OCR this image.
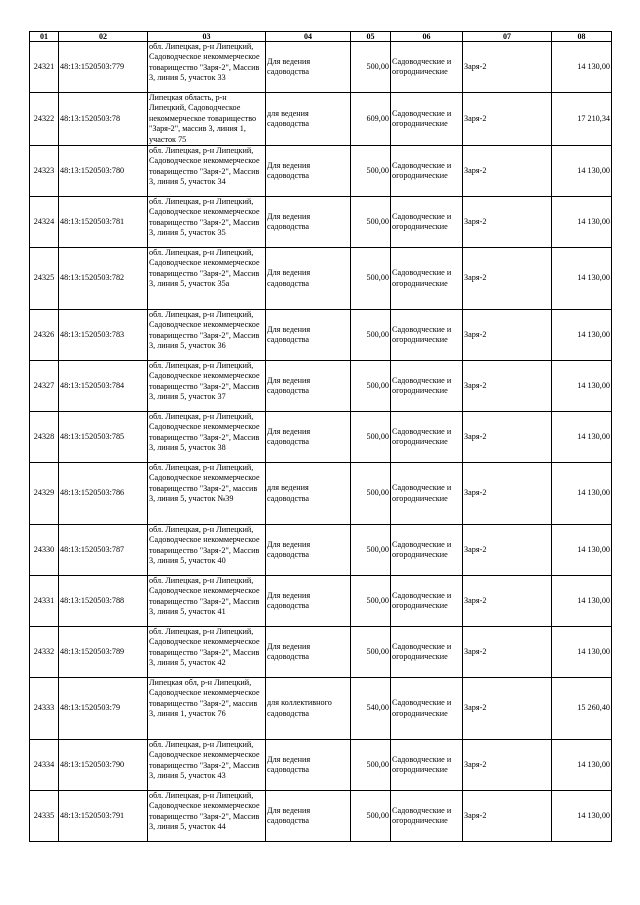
01	02	03	04	05	06	07	08
24321	48:13:1520503:779	обл. Липецкая, р-н Липецкий, Садоводческое некоммерческое товарищество "Заря-2", Массив 3, линия 5, участок 33	Для ведения садоводства	500,00	Садоводческие и огороднические	Заря-2	14 130,00
24322	48:13:1520503:78	Липецкая область, р-н Липецкий, Садоводческое некоммерческое товарищество "Заря-2", массив 3, линия 1, участок 75	для ведения садоводства	609,00	Садоводческие и огороднические	Заря-2	17 210,34
24323	48:13:1520503:780	обл. Липецкая, р-н Липецкий, Садоводческое некоммерческое товарищество "Заря-2", Массив 3, линия 5, участок 34	Для ведения садоводства	500,00	Садоводческие и огороднические	Заря-2	14 130,00
24324	48:13:1520503:781	обл. Липецкая, р-н Липецкий, Садоводческое некоммерческое товарищество "Заря-2", Массив 3, линия 5, участок 35	Для ведения садоводства	500,00	Садоводческие и огороднические	Заря-2	14 130,00
24325	48:13:1520503:782	обл. Липецкая, р-н Липецкий, Садоводческое некоммерческое товарищество "Заря-2", Массив 3, линия 5, участок 35а	Для ведения садоводства	500,00	Садоводческие и огороднические	Заря-2	14 130,00
24326	48:13:1520503:783	обл. Липецкая, р-н Липецкий, Садоводческое некоммерческое товарищество "Заря-2", Массив 3, линия 5, участок 36	Для ведения садоводства	500,00	Садоводческие и огороднические	Заря-2	14 130,00
24327	48:13:1520503:784	обл. Липецкая, р-н Липецкий, Садоводческое некоммерческое товарищество "Заря-2", Массив 3, линия 5, участок 37	Для ведения садоводства	500,00	Садоводческие и огороднические	Заря-2	14 130,00
24328	48:13:1520503:785	обл. Липецкая, р-н Липецкий, Садоводческое некоммерческое товарищество "Заря-2", Массив 3, линия 5, участок 38	Для ведения садоводства	500,00	Садоводческие и огороднические	Заря-2	14 130,00
24329	48:13:1520503:786	обл. Липецкая, р-н Липецкий, Садоводческое некоммерческое товарищество "Заря-2", массив 3, линия 5, участок №39	для ведения садоводства	500,00	Садоводческие и огороднические	Заря-2	14 130,00
24330	48:13:1520503:787	обл. Липецкая, р-н Липецкий, Садоводческое некоммерческое товарищество "Заря-2", Массив 3, линия 5, участок 40	Для ведения садоводства	500,00	Садоводческие и огороднические	Заря-2	14 130,00
24331	48:13:1520503:788	обл. Липецкая, р-н Липецкий, Садоводческое некоммерческое товарищество "Заря-2", Массив 3, линия 5, участок 41	Для ведения садоводства	500,00	Садоводческие и огороднические	Заря-2	14 130,00
24332	48:13:1520503:789	обл. Липецкая, р-н Липецкий, Садоводческое некоммерческое товарищество "Заря-2", Массив 3, линия 5, участок 42	Для ведения садоводства	500,00	Садоводческие и огороднические	Заря-2	14 130,00
24333	48:13:1520503:79	Липецкая обл, р-н Липецкий, Садоводческое некоммерческое товарищество "Заря-2", массив 3, линия 1, участок 76	для коллективного садоводства	540,00	Садоводческие и огороднические	Заря-2	15 260,40
24334	48:13:1520503:790	обл. Липецкая, р-н Липецкий, Садоводческое некоммерческое товарищество "Заря-2", Массив 3, линия 5, участок 43	Для ведения садоводства	500,00	Садоводческие и огороднические	Заря-2	14 130,00
24335	48:13:1520503:791	обл. Липецкая, р-н Липецкий, Садоводческое некоммерческое товарищество "Заря-2", Массив 3, линия 5, участок 44	Для ведения садоводства	500,00	Садоводческие и огороднические	Заря-2	14 130,00
